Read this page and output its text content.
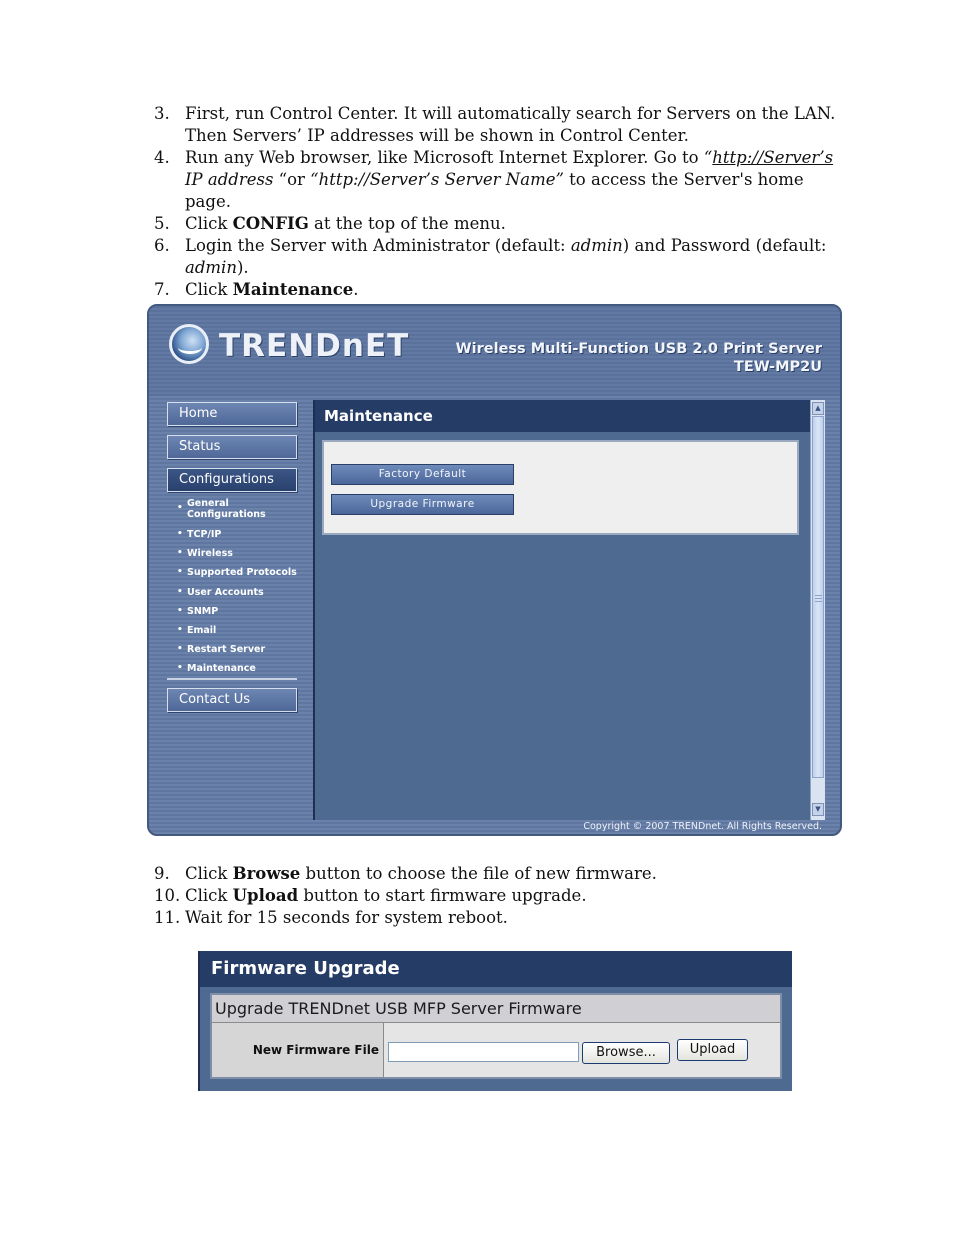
3. First, run Control Center. It will automatically search for Servers on the LAN. Then Servers’ IP addresses will be shown in Control Center.
4. Run any Web browser, like Microsoft Internet Explorer. Go to “http://Server’s IP address “or “http://Server’s Server Name” to access the Server's home page.
5. Click CONFIG at the top of the menu.
6. Login the Server with Administrator (default: admin) and Password (default: admin).
7. Click Maintenance.
TRENDnET	Wireless Multi-Function USB 2.0 Print Server
TEW-MP2U
Home
Status
Configurations
• General Configurations
• TCP/IP
• Wireless
• Supported Protocols
• User Accounts
• SNMP
• Email
• Restart Server
• Maintenance
Contact Us
Maintenance
Factory Default
Upgrade Firmware
▲
▼
Copyright © 2007 TRENDnet. All Rights Reserved.
9. Click Browse button to choose the file of new firmware.
10. Click Upload button to start firmware upgrade.
11. Wait for 15 seconds for system reboot.
Firmware Upgrade
Upgrade TRENDnet USB MFP Server Firmware
New Firmware File	Browse...	Upload
